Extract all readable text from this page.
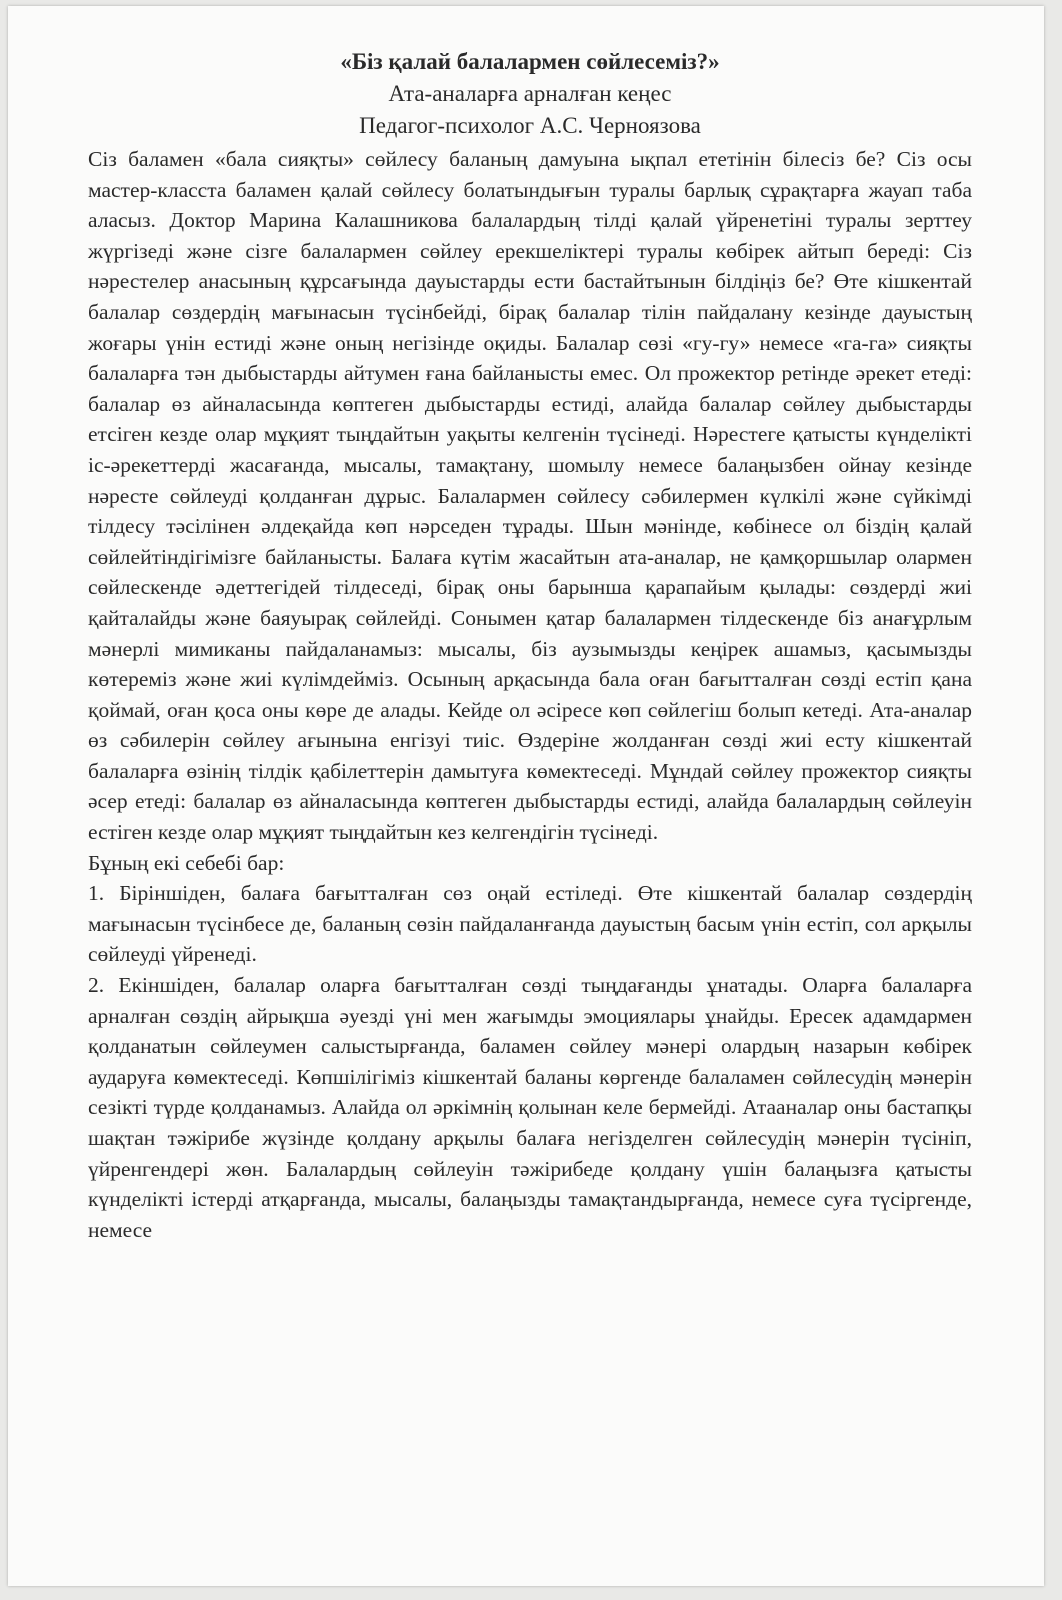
«Біз қалай балалармен сөйлесеміз?»

Ата-аналарға арналған кеңес

Педагог-психолог А.С. Черноязова

Сіз баламен «бала сияқты» сөйлесу баланың дамуына ықпал ететінін білесіз бе? Сіз осы мастер-класста баламен қалай сөйлесу болатындығын туралы барлық сұрақтарға жауап таба аласыз. Доктор Марина Калашникова балалардың тілді қалай үйренетіні туралы зерттеу жүргізеді және сізге балалармен сөйлеу ерекшеліктері туралы көбірек айтып береді: Сіз нәрестелер анасының құрсағында дауыстарды ести бастайтынын білдіңіз бе? Өте кішкентай балалар сөздердің мағынасын түсінбейді, бірақ балалар тілін пайдалану кезінде дауыстың жоғары үнін естиді және оның негізінде оқиды. Балалар сөзі «гу-гу» немесе «га-га» сияқты балаларға тән дыбыстарды айтумен ғана байланысты емес. Ол прожектор ретінде әрекет етеді: балалар өз айналасында көптеген дыбыстарды естиді, алайда балалар сөйлеу дыбыстарды етсіген кезде олар мұқият тыңдайтын уақыты келгенін түсінеді. Нәрестеге қатысты күнделікті іс-әрекеттерді жасағанда, мысалы, тамақтану, шомылу немесе балаңызбен ойнау кезінде нәресте сөйлеуді қолданған дұрыс. Балалармен сөйлесу сәбилермен күлкілі және сүйкімді тілдесу тәсілінен әлдеқайда көп нәрседен тұрады. Шын мәнінде, көбінесе ол біздің қалай сөйлейтіндігімізге байланысты. Балаға күтім жасайтын ата-аналар, не қамқоршылар олармен сөйлескенде әдеттегідей тілдеседі, бірақ оны барынша қарапайым қылады: сөздерді жиі қайталайды және баяуырақ сөйлейді. Сонымен қатар балалармен тілдескенде біз анағұрлым мәнерлі мимиканы пайдаланамыз: мысалы, біз аузымызды кеңірек ашамыз, қасымызды көтереміз және жиі күлімдейміз. Осының арқасында бала оған бағытталған сөзді естіп қана қоймай, оған қоса оны көре де алады. Кейде ол әсіресе көп сөйлегіш болып кетеді. Ата-аналар өз сәбилерін сөйлеу ағынына енгізуі тиіс. Өздеріне жолданған сөзді жиі есту кішкентай балаларға өзінің тілдік қабілеттерін дамытуға көмектеседі. Мұндай сөйлеу прожектор сияқты әсер етеді: балалар өз айналасында көптеген дыбыстарды естиді, алайда балалардың сөйлеуін естіген кезде олар мұқият тыңдайтын кез келгендігін түсінеді.

Бұның екі себебі бар:

1. Біріншіден, балаға бағытталған сөз оңай естіледі. Өте кішкентай балалар сөздердің мағынасын түсінбесе де, баланың сөзін пайдаланғанда дауыстың басым үнін естіп, сол арқылы сөйлеуді үйренеді.

2. Екіншіден, балалар оларға бағытталған сөзді тыңдағанды ұнатады. Оларға балаларға арналған сөздің айрықша әуезді үні мен жағымды эмоциялары ұнайды. Ересек адамдармен қолданатын сөйлеумен салыстырғанда, баламен сөйлеу мәнері олардың назарын көбірек аударуға көмектеседі. Көпшілігіміз кішкентай баланы көргенде балаламен сөйлесудің мәнерін сезікті түрде қолданамыз. Алайда ол әркімнің қолынан келе бермейді. Атааналар оны бастапқы шақтан тәжірибе жүзінде қолдану арқылы балаға негізделген сөйлесудің мәнерін түсініп, үйренгендері жөн. Балалардың сөйлеуін тәжірибеде қолдану үшін балаңызға қатысты күнделікті істерді атқарғанда, мысалы, балаңызды тамақтандырғанда, немесе суға түсіргенде, немесе
